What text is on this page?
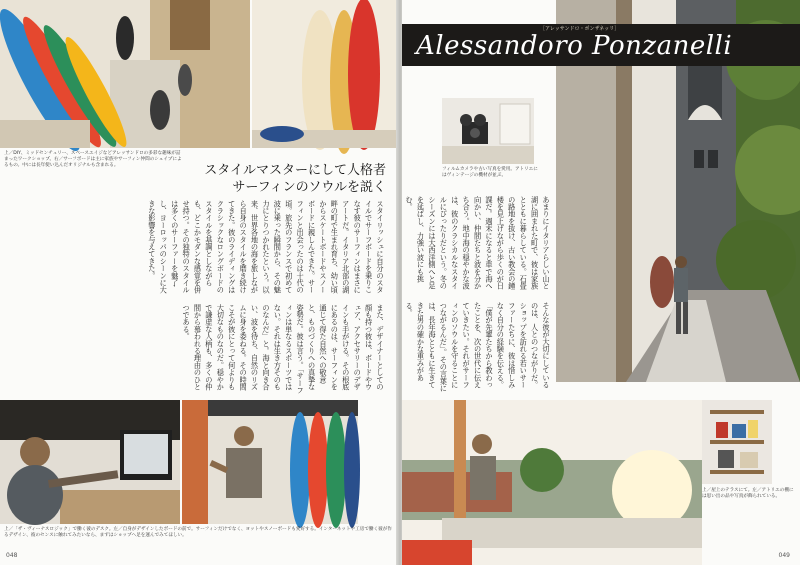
上／DIY、ミッドセンチュリー、スペースエイジなどアレッサンドロの多彩な趣味が詰まったワークショップ。右／サーフボードは主に家族やサーフィン仲間のシェイプによるもの。中には長年使い込んだオリジナルも含まれる。	スタイルマスターにして人格者
サーフィンのソウルを説く
スタイリッシュに自分のスタイルでサーフボードを乗りこなす彼のサーフィンはまさにアートだ。イタリア北部の湖畔の町で生まれ育ち、幼い頃からスケートボードやスノーボードに親しんできた。サーフィンと出会ったのは十代の頃。旅先のフランスで初めて波に乗った瞬間から、その魅力にとりつかれたという。以来、世界各地の海を旅しながら自身のスタイルを磨き続けてきた。彼のライディングはクラシックなロングボードのスタイルを基調としながらも、どこかモダンな感覚を併せ持つ。その独特のスタイルは多くのサーファーを魅了し、ヨーロッパのシーンに大きな影響を与えてきた。
また、デザイナーとしての顔も持つ彼は、ボードやウェア、アクセサリーのデザインも手がける。その根底にあるのは、サーフィンを通じて得た自然への敬意と、ものづくりへの真摯な姿勢だ。彼は言う。「サーフィンは単なるスポーツではない。それは生き方そのものなんだ」と。海と向き合い、波を待ち、自然のリズムに身を委ねる。その時間こそが彼にとって何よりも大切なものなのだ。穏やかで謙虚な人柄も、多くの仲間から慕われる理由のひとつである。
上／「ザ・ヴィーナスロジック」で働く彼のデスク。左／自身がデザインしたボードの前で。サーフィンだけでなく、ヨットやスノーボードも愛好する。インターネットや工房で働く彼が作るデザイン、彼のセンスに触れてみたいなら、まずはショップへ足を運んでみてほしい。
048
［アレッサンドロ・ポンザネッリ］
Alessandoro Ponzanelli
フィルムカメラや古い写真を愛用。アトリエにはヴィンテージの機材が並ぶ。
あまりにイタリアらしい山と湖に囲まれた町で、彼は家族とともに暮らしている。石畳の路地を抜け、古い教会の鐘楼を見上げながら歩くのが日課だ。週末になると車で海へ向かい、仲間たちと波を分かち合う。地中海の穏やかな波は、彼のクラシカルなスタイルにぴったりだという。冬のシーズンには大西洋側へと足を延ばし、力強い波にも挑む。
そんな彼が大切にしているのは、人とのつながりだ。ショップを訪れる若いサーファーたちに、彼は惜しみなく自分の経験を伝える。「僕が先輩たちから教わったことを、次の世代に伝えていきたい。それがサーフィンのソウルを守ることにつながるんだ」。その言葉には、長年海とともに生きてきた男の確かな重みがある。
上／屋上のテラスにて。左／アトリエの棚には思い出の品や写真が飾られている。
049
